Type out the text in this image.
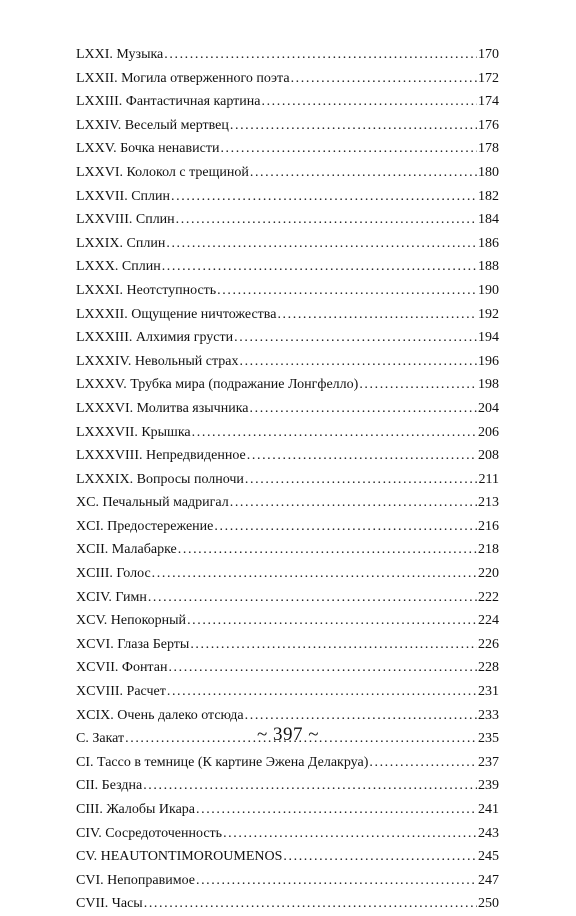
LXXI. Музыка .....	170
LXXII. Могила отверженного поэта .....	172
LXXIII. Фантастичная картина .....	174
LXXIV. Веселый мертвец .....	176
LXXV. Бочка ненависти .....	178
LXXVI. Колокол с трещиной .....	180
LXXVII. Сплин .....	182
LXXVIII. Сплин .....	184
LXXIX. Сплин .....	186
LXXX. Сплин .....	188
LXXXI. Неотступность .....	190
LXXXII. Ощущение ничтожества .....	192
LXXXIII. Алхимия грусти .....	194
LXXXIV. Невольный страх .....	196
LXXXV. Трубка мира (подражание Лонгфелло) .....	198
LXXXVI. Молитва язычника .....	204
LXXXVII. Крышка .....	206
LXXXVIII. Непредвиденное .....	208
LXXXIX. Вопросы полночи .....	211
XC. Печальный мадригал .....	213
XCI. Предостережение .....	216
XCII. Малабарке .....	218
XCIII. Голос .....	220
XCIV. Гимн .....	222
XCV. Непокорный .....	224
XCVI. Глаза Берты .....	226
XCVII. Фонтан .....	228
XCVIII. Расчет .....	231
XCIX. Очень далеко отсюда .....	233
C. Закат .....	235
CI. Тассо в темнице (К картине Эжена Делакруа) .....	237
CII. Бездна .....	239
CIII. Жалобы Икара .....	241
CIV. Сосредоточенность .....	243
CV. HEAUTONTIMOROUMENOS .....	245
CVI. Непоправимое .....	247
CVII. Часы .....	250
~ 397 ~
